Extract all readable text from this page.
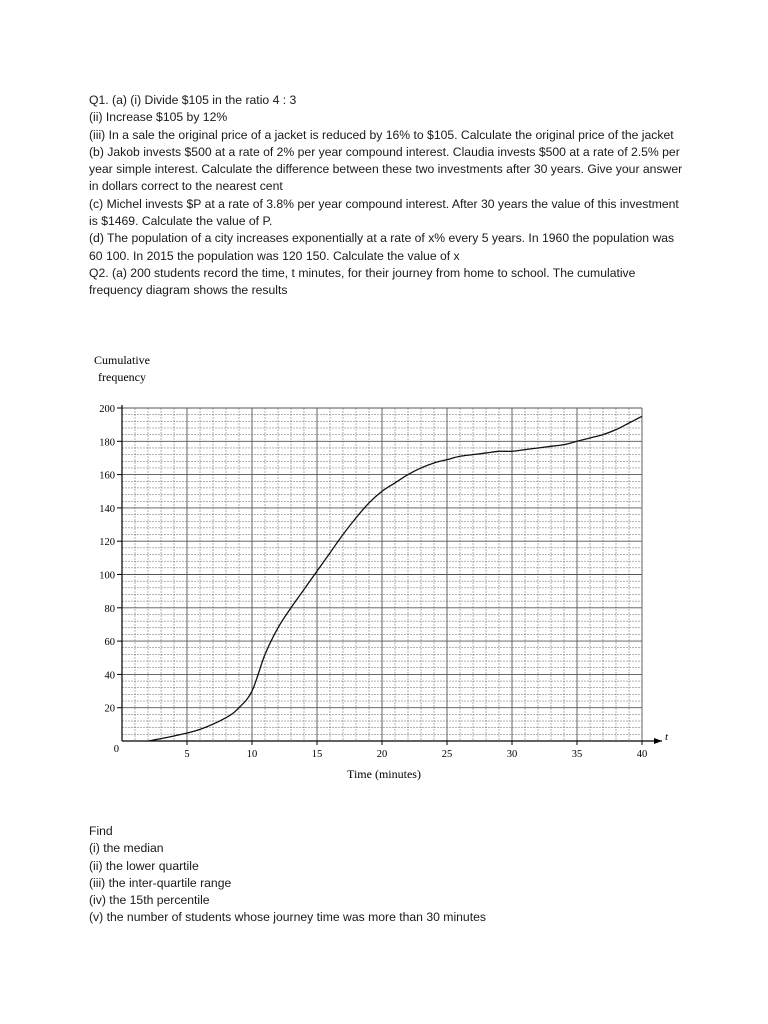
Q1. (a) (i) Divide $105 in the ratio 4 : 3

(ii) Increase $105 by 12%

(iii) In a sale the original price of a jacket is reduced by 16% to $105. Calculate the original price of the jacket

(b) Jakob invests $500 at a rate of 2% per year compound interest. Claudia invests $500 at a rate of 2.5% per year simple interest. Calculate the difference between these two investments after 30 years. Give your answer in dollars correct to the nearest cent

(c) Michel invests $P at a rate of 3.8% per year compound interest. After 30 years the value of this investment is $1469. Calculate the value of P.

(d) The population of a city increases exponentially at a rate of x% every 5 years. In 1960 the population was 60 100. In 2015 the population was 120 150. Calculate the value of x

Q2. (a) 200 students record the time, t minutes, for their journey from home to school. The cumulative frequency diagram shows the results

t
0	5	10	15	20	25	30	35	40
20
40
60
80
100
120
140
160
180
200
Cumulative
frequency
Time (minutes)

Find

(i) the median

(ii) the lower quartile

(iii) the inter-quartile range

(iv) the 15th percentile

(v) the number of students whose journey time was more than 30 minutes
